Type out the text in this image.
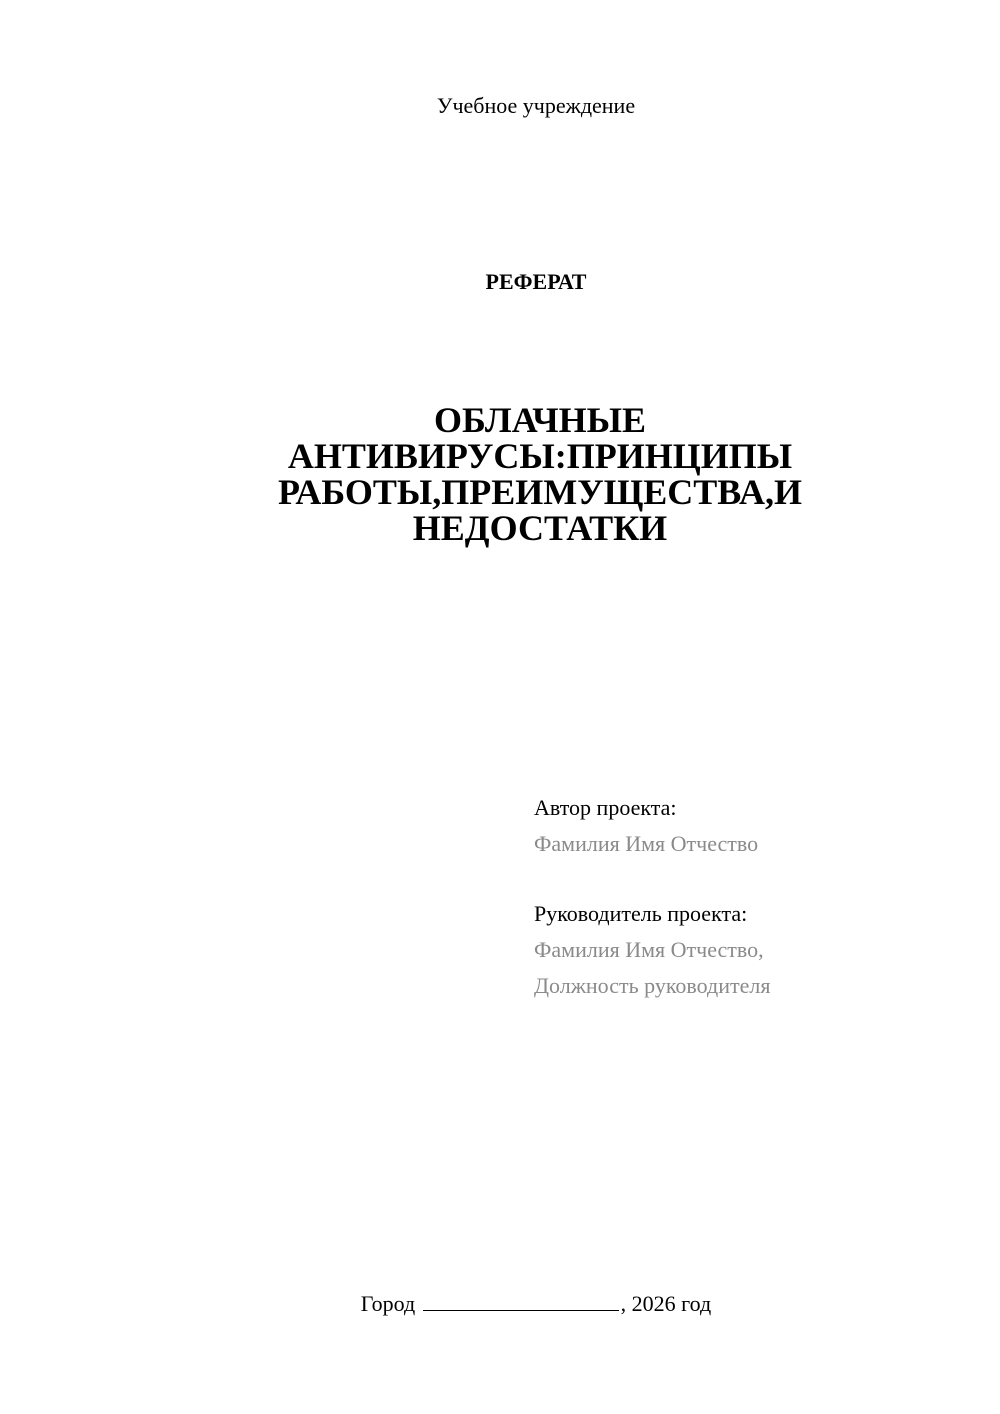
Учебное учреждение
РЕФЕРАТ
ОБЛАЧНЫЕ
АНТИВИРУСЫ:ПРИНЦИПЫ
РАБОТЫ,ПРЕИМУЩЕСТВА,И
НЕДОСТАТКИ
Автор проекта:
Фамилия Имя Отчество
Руководитель проекта:
Фамилия Имя Отчество,
Должность руководителя
Город	, 2026 год
